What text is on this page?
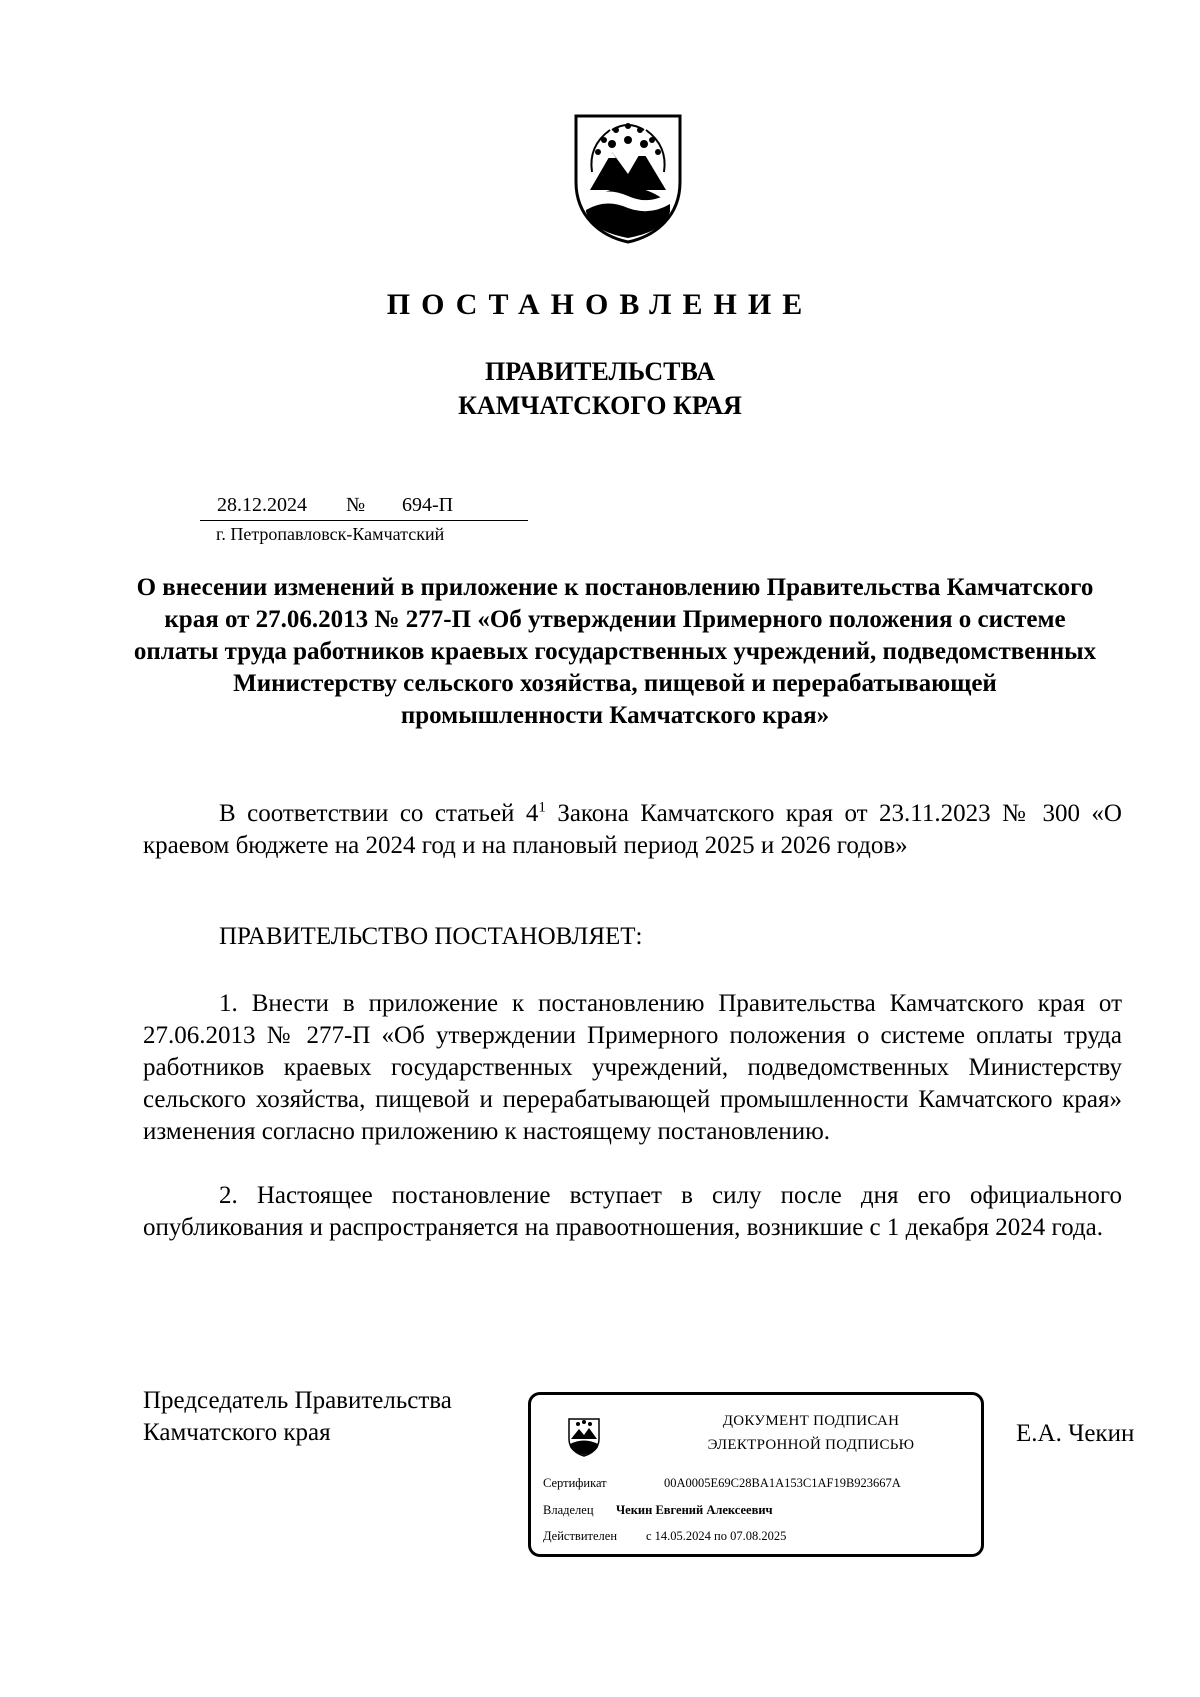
ПОСТАНОВЛЕНИЕ
ПРАВИТЕЛЬСТВА
КАМЧАТСКОГО КРАЯ
28.12.2024 № 694-П
г. Петропавловск-Камчатский
О внесении изменений в приложение к постановлению Правительства Камчатского края от 27.06.2013 № 277-П «Об утверждении Примерного положения о системе оплаты труда работников краевых государственных учреждений, подведомственных Министерству сельского хозяйства, пищевой и перерабатывающей промышленности Камчатского края»
В соответствии со статьей $4^1$ Закона Камчатского края от 23.11.2023 № 300 «О краевом бюджете на 2024 год и на плановый период 2025 и 2026 годов»
ПРАВИТЕЛЬСТВО ПОСТАНОВЛЯЕТ:
1. Внести в приложение к постановлению Правительства Камчатского края от 27.06.2013 № 277-П «Об утверждении Примерного положения о системе оплаты труда работников краевых государственных учреждений, подведомственных Министерству сельского хозяйства, пищевой и перерабатывающей промышленности Камчатского края» изменения согласно приложению к настоящему постановлению.
2. Настоящее постановление вступает в силу после дня его официального опубликования и распространяется на правоотношения, возникшие с 1 декабря 2024 года.
Председатель Правительства
Камчатского края	ДОКУМЕНТ ПОДПИСАН
ЭЛЕКТРОННОЙ ПОДПИСЬЮ
Сертификат	00A0005E69C28BA1A153C1AF19B923667A
Владелец Чекин Евгений Алексеевич
Действителен с 14.05.2024 по 07.08.2025
Е.А. Чекин
